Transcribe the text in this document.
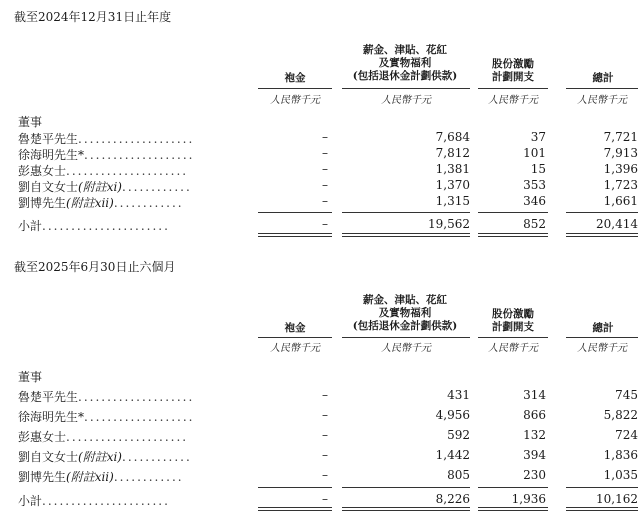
截至2024年12月31日止年度
袍金
薪金、津貼、花紅
及實物福利
(包括退休金計劃供款)
股份激勵
計劃開支	總計
人民幣千元	人民幣千元	人民幣千元	人民幣千元
董事
魯楚平先生....................	–	7,684	37	7,721
徐海明先生*...................	–	7,812	101	7,913
彭惠女士.....................	–	1,381	15	1,396
劉自文女士(附註xi)............	–	1,370	353	1,723
劉博先生(附註xii)............	–	1,315	346	1,661
小計......................	–	19,562	852	20,414
截至2025年6月30日止六個月
袍金
薪金、津貼、花紅
及實物福利
(包括退休金計劃供款)
股份激勵
計劃開支	總計
人民幣千元	人民幣千元	人民幣千元	人民幣千元
董事
魯楚平先生....................	–	431	314	745
徐海明先生*...................	–	4,956	866	5,822
彭惠女士.....................	–	592	132	724
劉自文女士(附註xi)............	–	1,442	394	1,836
劉博先生(附註xii)............	–	805	230	1,035
小計......................	–	8,226	1,936	10,162
